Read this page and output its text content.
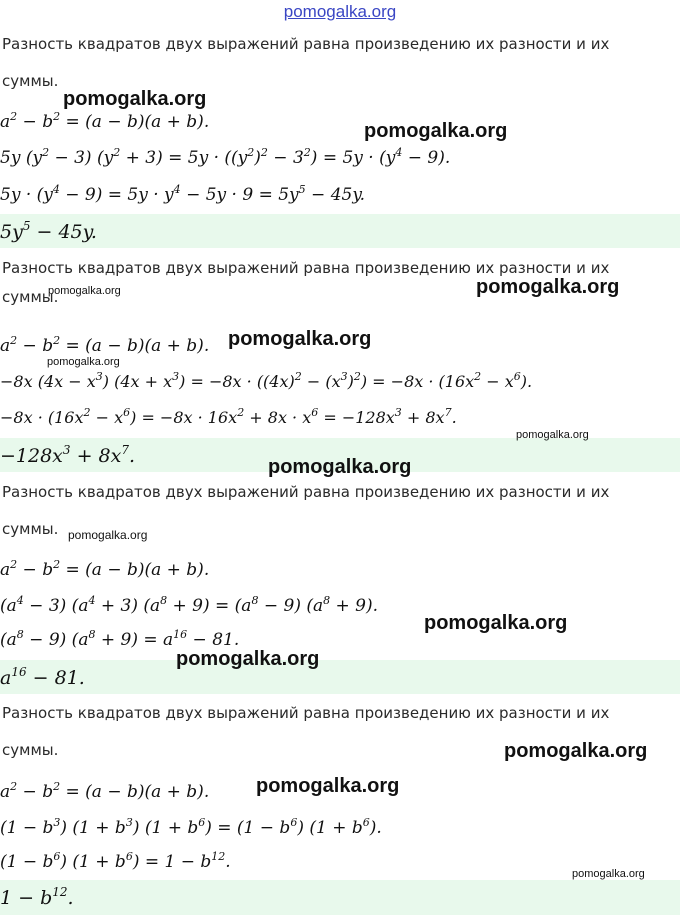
pomogalka.org
Разность квадратов двух выражений равна произведению их разности и их
суммы.
$a^2 - b^2 = (a - b)(a + b)$.
5y $(y^2 - 3) (y^2 + 3) = 5y \cdot ((y^2)^2 - 3^2) = 5y \cdot (y^4 - 9)$.
$5y \cdot (y^4 - 9) = 5y \cdot y^4 - 5y \cdot 9 = 5y^5 - 45y$.
$5y^5 - 45y$.
Разность квадратов двух выражений равна произведению их разности и их
суммы.
$a^2 - b^2 = (a - b)(a + b)$.
−8x $(4x - x^3)$ $(4x + x^3) = -8x \cdot ((4x)^2 - (x^3)^2) = -8x \cdot (16x^2 - x^6)$.
$-8x \cdot (16x^2 - x^6) = -8x \cdot 16x^2 + 8x \cdot x^6 = -128x^3 + 8x^7$.
$-128x^3 + 8x^7$.
Разность квадратов двух выражений равна произведению их разности и их
суммы.
$a^2 - b^2 = (a - b)(a + b)$.
$(a^4 - 3) (a^4 + 3) (a^8 + 9) = (a^8 - 9) (a^8 + 9)$.
$(a^8 - 9) (a^8 + 9) = a^{16} - 81$.
$a^{16} - 81$.
Разность квадратов двух выражений равна произведению их разности и их
суммы.
$a^2 - b^2 = (a - b)(a + b)$.
$(1 - b^3)$ $(1 + b^3)$ $(1 + b^6) = (1 - b^6)$ $(1 + b^6)$.
$(1 - b^6)$ $(1 + b^6) = 1 - b^{12}$.
$1 - b^{12}$.
pomogalka.org
pomogalka.org
pomogalka.org
pomogalka.org
pomogalka.org
pomogalka.org
pomogalka.org
pomogalka.org
pomogalka.org
pomogalka.org
pomogalka.org
pomogalka.org
pomogalka.org
pomogalka.org
